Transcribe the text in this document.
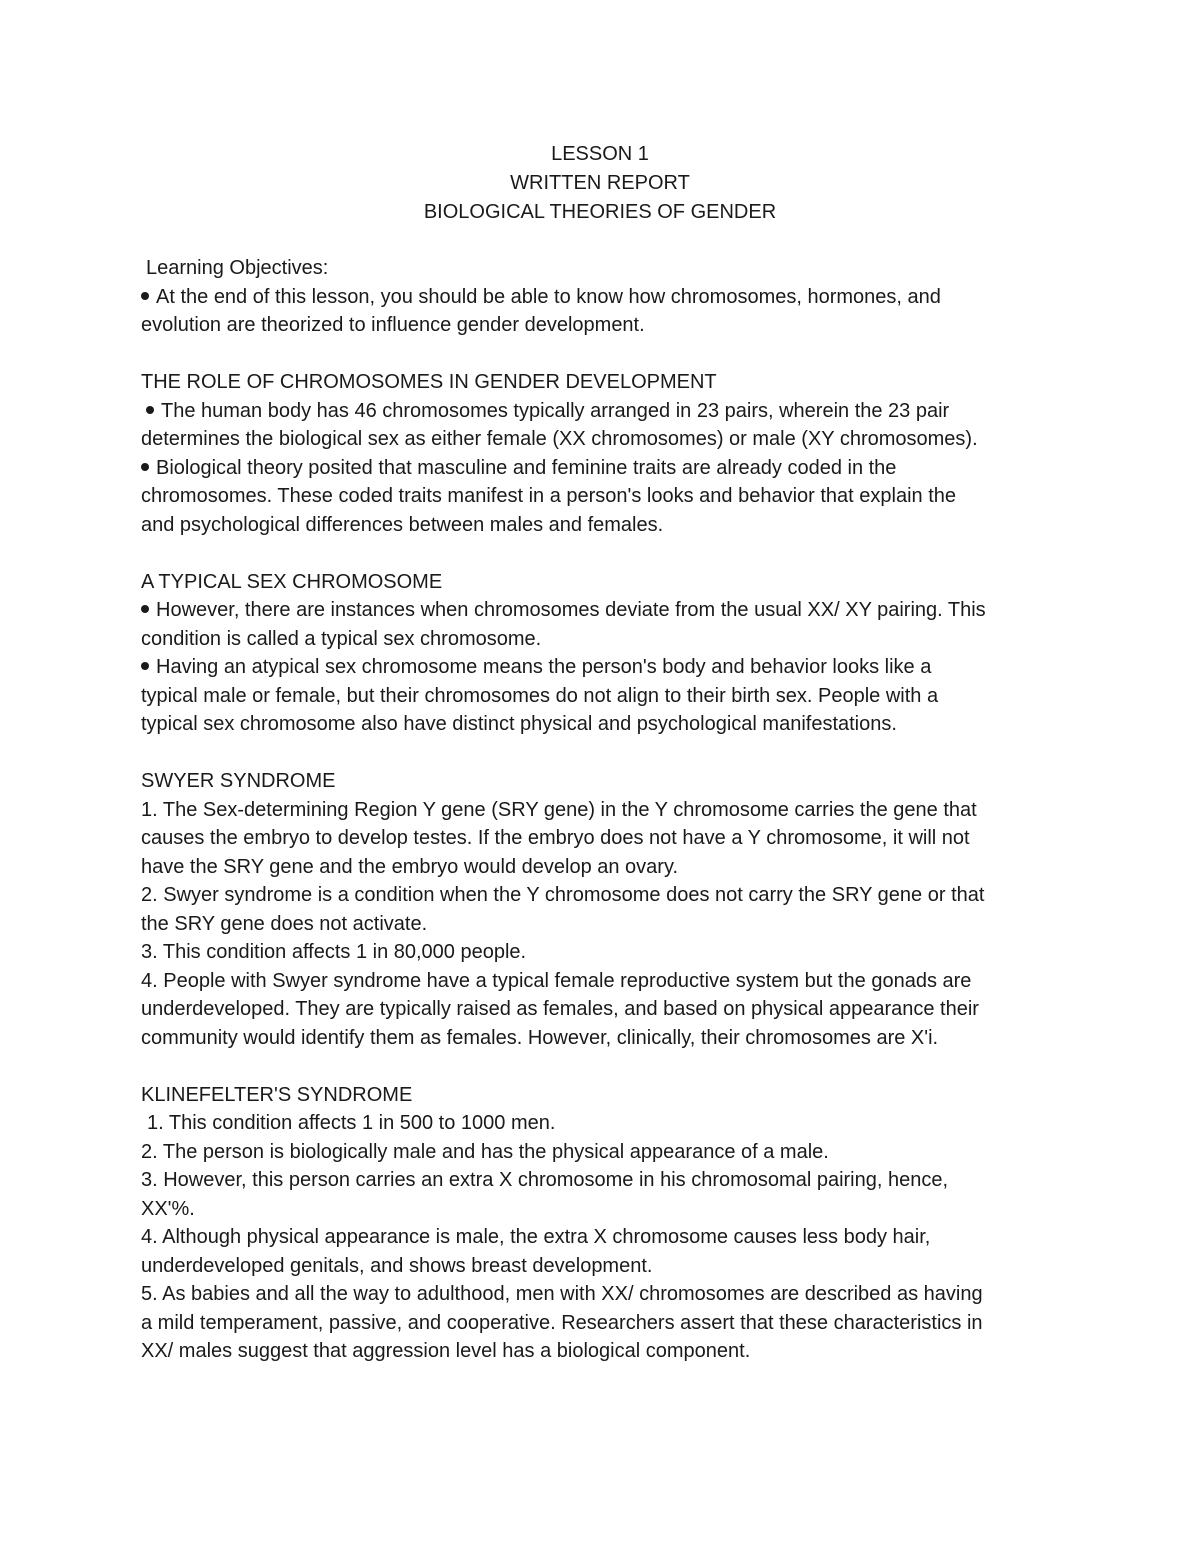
LESSON 1
WRITTEN REPORT
BIOLOGICAL THEORIES OF GENDER
Learning Objectives:
At the end of this lesson, you should be able to know how chromosomes, hormones, and
evolution are theorized to influence gender development.
THE ROLE OF CHROMOSOMES IN GENDER DEVELOPMENT
The human body has 46 chromosomes typically arranged in 23 pairs, wherein the 23 pair
determines the biological sex as either female (XX chromosomes) or male (XY chromosomes).
Biological theory posited that masculine and feminine traits are already coded in the
chromosomes. These coded traits manifest in a person's looks and behavior that explain the
and psychological differences between males and females.
A TYPICAL SEX CHROMOSOME
However, there are instances when chromosomes deviate from the usual XX/ XY pairing. This
condition is called a typical sex chromosome.
Having an atypical sex chromosome means the person's body and behavior looks like a
typical male or female, but their chromosomes do not align to their birth sex. People with a
typical sex chromosome also have distinct physical and psychological manifestations.
SWYER SYNDROME
1. The Sex-determining Region Y gene (SRY gene) in the Y chromosome carries the gene that
causes the embryo to develop testes. If the embryo does not have a Y chromosome, it will not
have the SRY gene and the embryo would develop an ovary.
2. Swyer syndrome is a condition when the Y chromosome does not carry the SRY gene or that
the SRY gene does not activate.
3. This condition affects 1 in 80,000 people.
4. People with Swyer syndrome have a typical female reproductive system but the gonads are
underdeveloped. They are typically raised as females, and based on physical appearance their
community would identify them as females. However, clinically, their chromosomes are X'i.
KLINEFELTER'S SYNDROME
1. This condition affects 1 in 500 to 1000 men.
2. The person is biologically male and has the physical appearance of a male.
3. However, this person carries an extra X chromosome in his chromosomal pairing, hence,
XX'%.
4. Although physical appearance is male, the extra X chromosome causes less body hair,
underdeveloped genitals, and shows breast development.
5. As babies and all the way to adulthood, men with XX/ chromosomes are described as having
a mild temperament, passive, and cooperative. Researchers assert that these characteristics in
XX/ males suggest that aggression level has a biological component.
